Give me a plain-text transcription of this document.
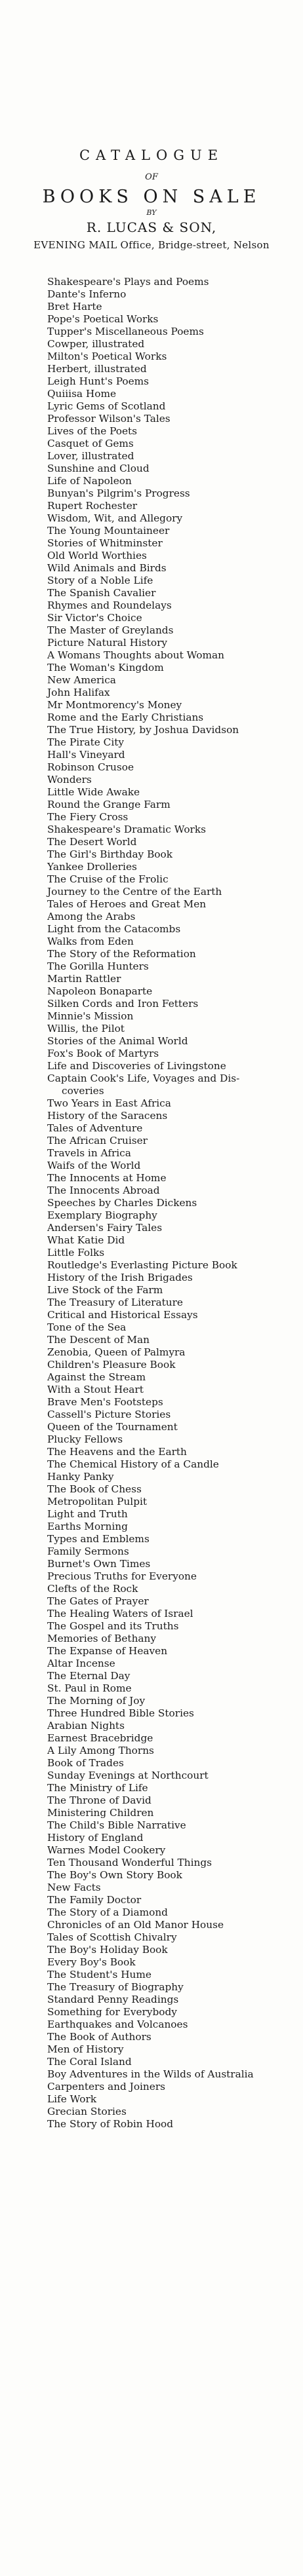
CATALOGUE
OF
BOOKS ON SALE
BY
R. LUCAS & SON,
EVENING MAIL Office, Bridge-street, Nelson
Shakespeare's Plays and Poems
Dante's Inferno
Bret Harte
Pope's Poetical Works
Tupper's Miscellaneous Poems
Cowper, illustrated
Milton's Poetical Works
Herbert, illustrated
Leigh Hunt's Poems
Quiiisa Home
Lyric Gems of Scotland
Professor Wilson's Tales
Lives of the Poets
Casquet of Gems
Lover, illustrated
Sunshine and Cloud
Life of Napoleon
Bunyan's Pilgrim's Progress
Rupert Rochester
Wisdom, Wit, and Allegory
The Young Mountaineer
Stories of Whitminster
Old World Worthies
Wild Animals and Birds
Story of a Noble Life
The Spanish Cavalier
Rhymes and Roundelays
Sir Victor's Choice
The Master of Greylands
Picture Natural History
A Womans Thoughts about Woman
The Woman's Kingdom
New America
John Halifax
Mr Montmorency's Money
Rome and the Early Christians
The True History, by Joshua Davidson
The Pirate City
Hall's Vineyard
Robinson Crusoe
Wonders
Little Wide Awake
Round the Grange Farm
The Fiery Cross
Shakespeare's Dramatic Works
The Desert World
The Girl's Birthday Book
Yankee Drolleries
The Cruise of the Frolic
Journey to the Centre of the Earth
Tales of Heroes and Great Men
Among the Arabs
Light from the Catacombs
Walks from Eden
The Story of the Reformation
The Gorilla Hunters
Martin Rattler
Napoleon Bonaparte
Silken Cords and Iron Fetters
Minnie's Mission
Willis, the Pilot
Stories of the Animal World
Fox's Book of Martyrs
Life and Discoveries of Livingstone
Captain Cook's Life, Voyages and Dis-
coveries
Two Years in East Africa
History of the Saracens
Tales of Adventure
The African Cruiser
Travels in Africa
Waifs of the World
The Innocents at Home
The Innocents Abroad
Speeches by Charles Dickens
Exemplary Biography
Andersen's Fairy Tales
What Katie Did
Little Folks
Routledge's Everlasting Picture Book
History of the Irish Brigades
Live Stock of the Farm
The Treasury of Literature
Critical and Historical Essays
Tone of the Sea
The Descent of Man
Zenobia, Queen of Palmyra
Children's Pleasure Book
Against the Stream
With a Stout Heart
Brave Men's Footsteps
Cassell's Picture Stories
Queen of the Tournament
Plucky Fellows
The Heavens and the Earth
The Chemical History of a Candle
Hanky Panky
The Book of Chess
Metropolitan Pulpit
Light and Truth
Earths Morning
Types and Emblems
Family Sermons
Burnet's Own Times
Precious Truths for Everyone
Clefts of the Rock
The Gates of Prayer
The Healing Waters of Israel
The Gospel and its Truths
Memories of Bethany
The Expanse of Heaven
Altar Incense
The Eternal Day
St. Paul in Rome
The Morning of Joy
Three Hundred Bible Stories
Arabian Nights
Earnest Bracebridge
A Lily Among Thorns
Book of Trades
Sunday Evenings at Northcourt
The Ministry of Life
The Throne of David
Ministering Children
The Child's Bible Narrative
History of England
Warnes Model Cookery
Ten Thousand Wonderful Things
The Boy's Own Story Book
New Facts
The Family Doctor
The Story of a Diamond
Chronicles of an Old Manor House
Tales of Scottish Chivalry
The Boy's Holiday Book
Every Boy's Book
The Student's Hume
The Treasury of Biography
Standard Penny Readings
Something for Everybody
Earthquakes and Volcanoes
The Book of Authors
Men of History
The Coral Island
Boy Adventures in the Wilds of Australia
Carpenters and Joiners
Life Work
Grecian Stories
The Story of Robin Hood
